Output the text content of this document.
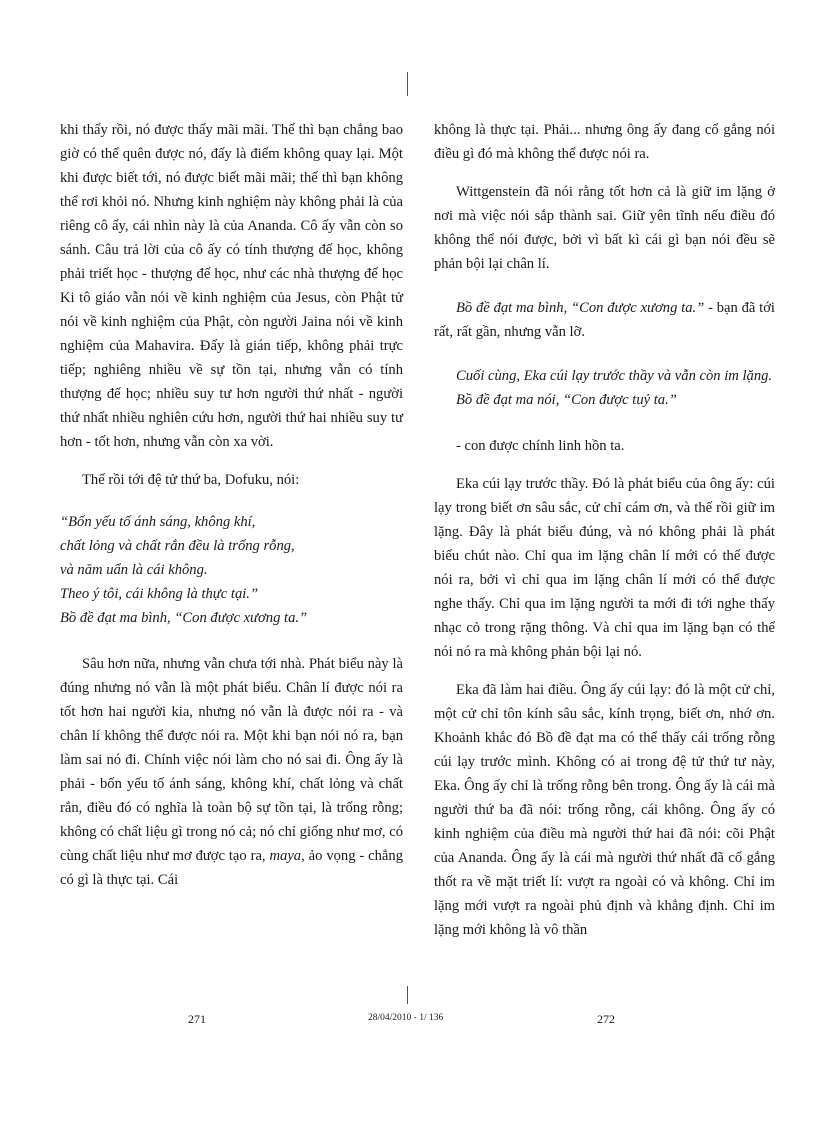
khi thấy rồi, nó được thấy mãi mãi. Thế thì bạn chẳng bao giờ có thể quên được nó, đấy là điểm không quay lại. Một khi được biết tới, nó được biết mãi mãi; thế thì bạn không thể rơi khỏi nó. Nhưng kinh nghiệm này không phải là của riêng cô ấy, cái nhìn này là của Ananda. Cô ấy vẫn còn so sánh. Câu trả lời của cô ấy có tính thượng đế học, không phải triết học - thượng đế học, như các nhà thượng đế học Ki tô giáo vẫn nói về kinh nghiệm của Jesus, còn Phật tử nói về kinh nghiệm của Phật, còn người Jaina nói về kinh nghiệm của Mahavira. Đấy là gián tiếp, không phải trực tiếp; nghiêng nhiều về sự tồn tại, nhưng vẫn có tính thượng đế học; nhiều suy tư hơn người thứ nhất - người thứ nhất nhiều nghiên cứu hơn, người thứ hai nhiều suy tư hơn - tốt hơn, nhưng vẫn còn xa vời.

Thế rồi tới đệ tử thứ ba, Dofuku, nói:

“Bốn yếu tố ánh sáng, không khí,
chất lỏng và chất rắn đều là trống rỗng,
và năm uẩn là cái không.
Theo ý tôi, cái không là thực tại.”
Bồ đề đạt ma bình, “Con được xương ta.”

Sâu hơn nữa, nhưng vẫn chưa tới nhà. Phát biểu này là đúng nhưng nó vẫn là một phát biểu. Chân lí được nói ra tốt hơn hai người kia, nhưng nó vẫn là được nói ra - và chân lí không thể được nói ra. Một khi bạn nói nó ra, bạn làm sai nó đi. Chính việc nói làm cho nó sai đi. Ông ấy là phải - bốn yếu tố ánh sáng, không khí, chất lỏng và chất rắn, điều đó có nghĩa là toàn bộ sự tồn tại, là trống rỗng; không có chất liệu gì trong nó cả; nó chỉ giống như mơ, có cùng chất liệu như mơ được tạo ra, maya, ảo vọng - chẳng có gì là thực tại. Cái

không là thực tại. Phải... nhưng ông ấy đang cố gắng nói điều gì đó mà không thể được nói ra.

Wittgenstein đã nói rằng tốt hơn cả là giữ im lặng ở nơi mà việc nói sắp thành sai. Giữ yên tĩnh nếu điều đó không thể nói được, bởi vì bất kì cái gì bạn nói đều sẽ phản bội lại chân lí.

Bồ đề đạt ma bình, “Con được xương ta.” - bạn đã tới rất, rất gần, nhưng vẫn lỡ.

Cuối cùng, Eka cúi lạy trước thầy và vẫn còn im lặng. Bồ đề đạt ma nói, “Con được tuỷ ta.”

- con được chính linh hồn ta.

Eka cúi lạy trước thầy. Đó là phát biểu của ông ấy: cúi lạy trong biết ơn sâu sắc, cử chỉ cám ơn, và thế rồi giữ im lặng. Đây là phát biểu đúng, và nó không phải là phát biểu chút nào. Chỉ qua im lặng chân lí mới có thể được nói ra, bởi vì chỉ qua im lặng chân lí mới có thể được nghe thấy. Chỉ qua im lặng người ta mới đi tới nghe thấy nhạc cỏ trong rặng thông. Và chỉ qua im lặng bạn có thể nói nó ra mà không phản bội lại nó.

Eka đã làm hai điều. Ông ấy cúi lạy: đó là một cử chỉ, một cử chỉ tôn kính sâu sắc, kính trọng, biết ơn, nhớ ơn. Khoảnh khắc đó Bồ đề đạt ma có thể thấy cái trống rỗng cúi lạy trước mình. Không có ai trong đệ tử thứ tư này, Eka. Ông ấy chỉ là trống rỗng bên trong. Ông ấy là cái mà người thứ ba đã nói: trống rỗng, cái không. Ông ấy có kinh nghiệm của điều mà người thứ hai đã nói: cõi Phật của Ananda. Ông ấy là cái mà người thứ nhất đã cố gắng thốt ra về mặt triết lí: vượt ra ngoài có và không. Chỉ im lặng mới vượt ra ngoài phủ định và khẳng định. Chỉ im lặng mới không là vô thần

271	28/04/2010 - 1/ 136	272
